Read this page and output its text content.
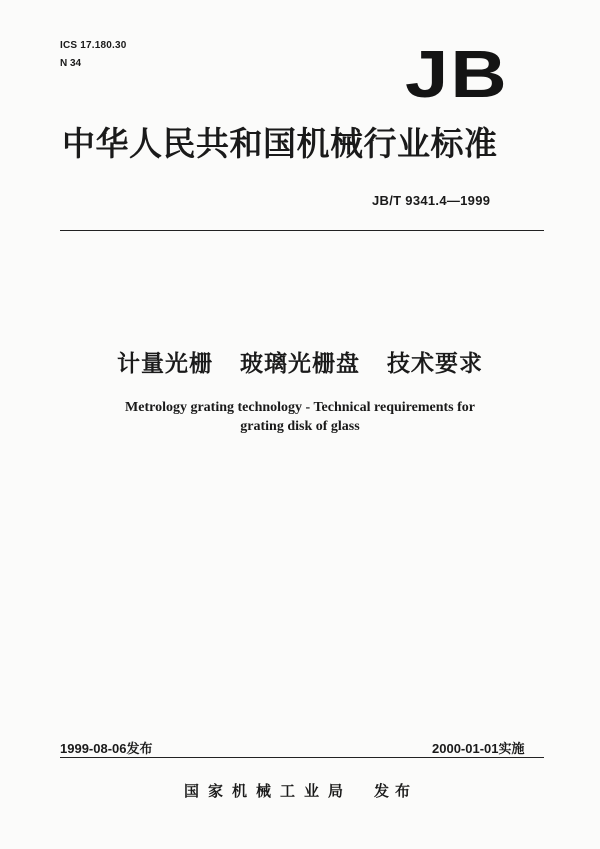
ICS 17.180.30
N 34	JB
中华人民共和国机械行业标准
JB/T 9341.4—1999
计量光栅   玻璃光栅盘   技术要求
Metrology grating technology - Technical requirements for
grating disk of glass
1999-08-06发布	2000-01-01实施
国家机械工业局 发布
